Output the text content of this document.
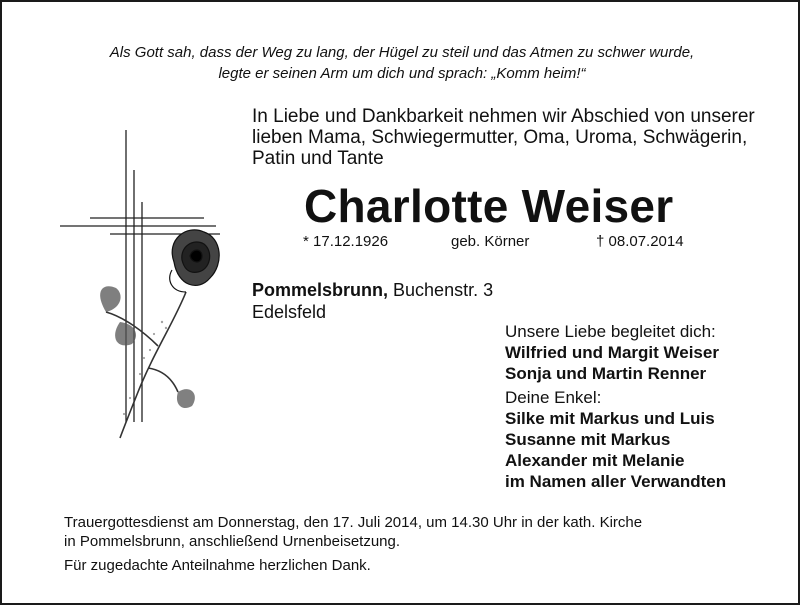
Als Gott sah, dass der Weg zu lang, der Hügel zu steil und das Atmen zu schwer wurde,
legte er seinen Arm um dich und sprach: „Komm heim!“
In Liebe und Dankbarkeit nehmen wir Abschied von unserer
lieben Mama, Schwiegermutter, Oma, Uroma, Schwägerin,
Patin und Tante
Charlotte Weiser
* 17.12.1926	geb. Körner	† 08.07.2014
Pommelsbrunn, Buchenstr. 3
Edelsfeld
Unsere Liebe begleitet dich:
Wilfried und Margit Weiser
Sonja und Martin Renner
Deine Enkel:
Silke mit Markus und Luis
Susanne mit Markus
Alexander mit Melanie
im Namen aller Verwandten
Trauergottesdienst am Donnerstag, den 17. Juli 2014, um 14.30 Uhr in der kath. Kirche
in Pommelsbrunn, anschließend Urnenbeisetzung.
Für zugedachte Anteilnahme herzlichen Dank.
